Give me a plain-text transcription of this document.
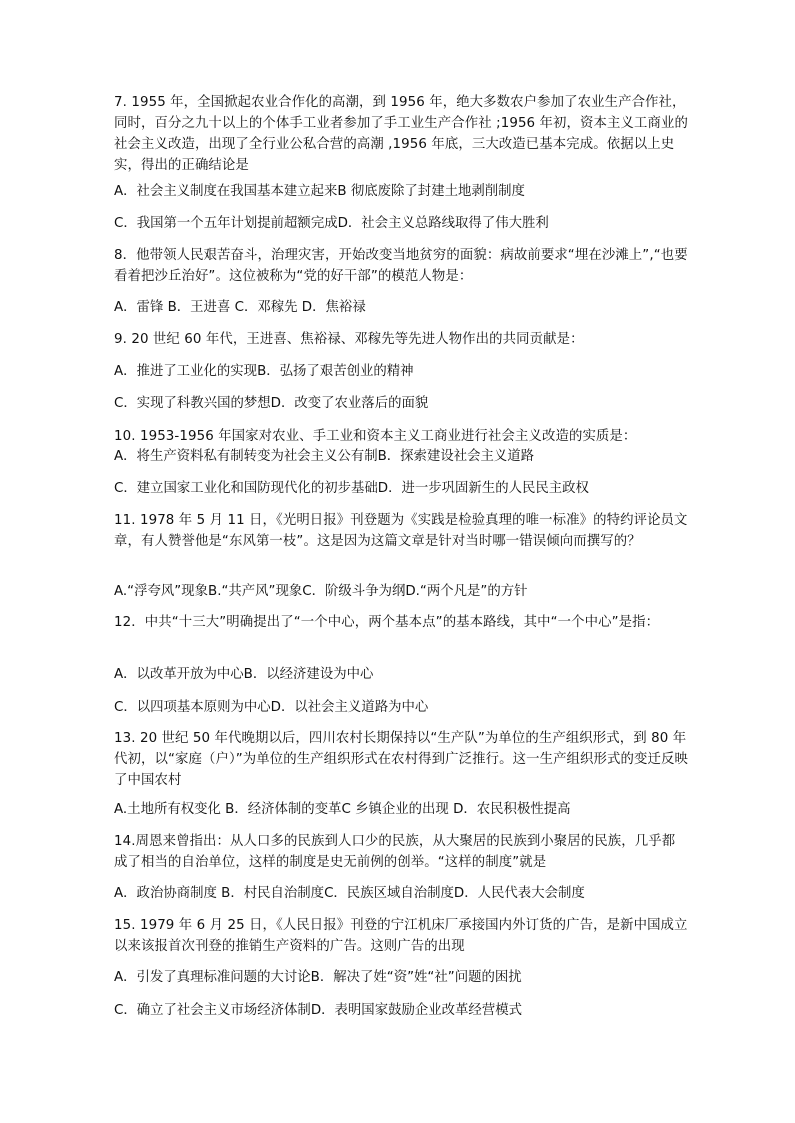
7. 1955 年，全国掀起农业合作化的高潮，到 1956 年，绝大多数农户参加了农业生产合作社，同时，百分之九十以上的个体手工业者参加了手工业生产合作社 ;1956 年初，资本主义工商业的社会主义改造，出现了全行业公私合营的高潮 ,1956 年底，三大改造已基本完成。依据以上史实，得出的正确结论是

A．社会主义制度在我国基本建立起来B 彻底废除了封建土地剥削制度

C．我国第一个五年计划提前超额完成D．社会主义总路线取得了伟大胜利

8．他带领人民艰苦奋斗，治理灾害，开始改变当地贫穷的面貌：病故前要求“埋在沙滩上”,“也要看着把沙丘治好”。这位被称为“党的好干部”的模范人物是：

A．雷锋 B．王进喜 C．邓稼先 D．焦裕禄

9. 20 世纪 60 年代，王进喜、焦裕禄、邓稼先等先进人物作出的共同贡献是：

A．推进了工业化的实现B．弘扬了艰苦创业的精神

C．实现了科教兴国的梦想D．改变了农业落后的面貌

10. 1953-1956 年国家对农业、手工业和资本主义工商业进行社会主义改造的实质是：

A．将生产资料私有制转变为社会主义公有制B．探索建设社会主义道路

C．建立国家工业化和国防现代化的初步基础D．进一步巩固新生的人民民主政权

11. 1978 年 5 月 11 日，《光明日报》刊登题为《实践是检验真理的唯一标准》的特约评论员文章，有人赞誉他是“东风第一枝”。这是因为这篇文章是针对当时哪一错误倾向而撰写的？

A.“浮夸风”现象B.“共产风”现象C．阶级斗争为纲D.“两个凡是”的方针

12．中共“十三大”明确提出了“一个中心，两个基本点”的基本路线，其中“一个中心”是指：

A．以改革开放为中心B．以经济建设为中心

C．以四项基本原则为中心D．以社会主义道路为中心

13. 20 世纪 50 年代晚期以后，四川农村长期保持以“生产队”为单位的生产组织形式，到 80 年代初，以“家庭（户）”为单位的生产组织形式在农村得到广泛推行。这一生产组织形式的变迁反映了中国农村

A.土地所有权变化 B．经济体制的变革C 乡镇企业的出现 D．农民积极性提高

14.周恩来曾指出：从人口多的民族到人口少的民族，从大聚居的民族到小聚居的民族，几乎都成了相当的自治单位，这样的制度是史无前例的创举。“这样的制度”就是

A．政治协商制度 B．村民自治制度C．民族区域自治制度D．人民代表大会制度

15. 1979 年 6 月 25 日，《人民日报》刊登的宁江机床厂承接国内外订货的广告，是新中国成立以来该报首次刊登的推销生产资料的广告。这则广告的出现

A．引发了真理标准问题的大讨论B．解决了姓“资”姓“社”问题的困扰

C．确立了社会主义市场经济体制D．表明国家鼓励企业改革经营模式
